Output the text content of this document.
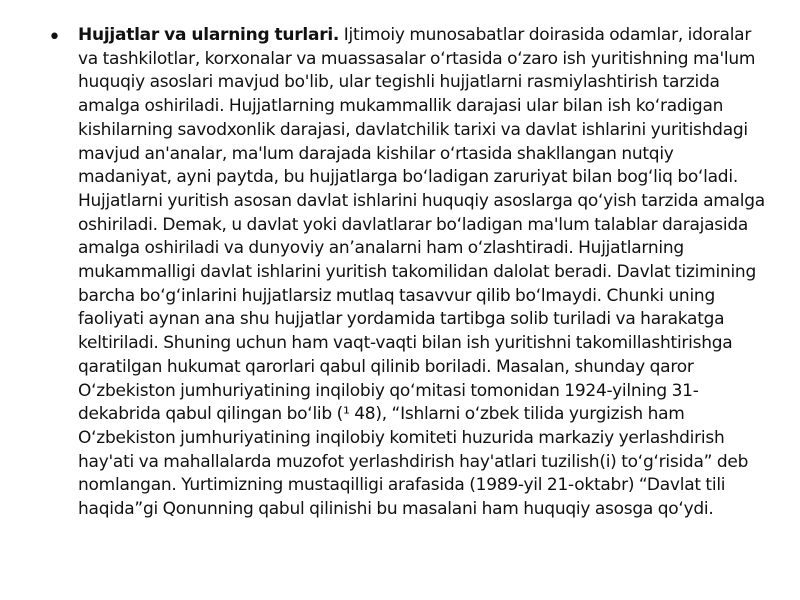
• Hujjatlar va ularning turlari. Ijtimoiy munosabatlar doirasida odamlar, idoralar va tashkilotlar, korxonalar va muassasalar o‘rtasida o‘zaro ish yuritishning ma'lum huquqiy asoslari mavjud bo'lib, ular tegishli hujjatlarni rasmiylashtirish tarzida amalga oshiriladi. Hujjatlarning mukammallik darajasi ular bilan ish ko‘radigan kishilarning savodxonlik darajasi, davlatchilik tarixi va davlat ishlarini yuritishdagi mavjud an'analar, ma'lum darajada kishilar o‘rtasida shakllangan nutqiy madaniyat, ayni paytda, bu hujjatlarga bo‘ladigan zaruriyat bilan bog‘liq bo‘ladi. Hujjatlarni yuritish asosan davlat ishlarini huquqiy asoslarga qo‘yish tarzida amalga oshiriladi. Demak, u davlat yoki davlatlarar bo‘ladigan ma'lum talablar darajasida amalga oshiriladi va dunyoviy an’analarni ham o‘zlashtiradi. Hujjatlarning mukammalligi davlat ishlarini yuritish takomilidan dalolat beradi. Davlat tizimining barcha bo‘g‘inlarini hujjatlarsiz mutlaq tasavvur qilib bo‘lmaydi. Chunki uning faoliyati aynan ana shu hujjatlar yordamida tartibga solib turiladi va harakatga keltiriladi. Shuning uchun ham vaqt-vaqti bilan ish yuritishni takomillashtirishga qaratilgan hukumat qarorlari qabul qilinib boriladi. Masalan, shunday qaror O‘zbekiston jumhuriyatining inqilobiy qo‘mitasi tomonidan 1924-yilning 31-dekabrida qabul qilingan bo‘lib (¹ 48), “Ishlarni o‘zbek tilida yurgizish ham O‘zbekiston jumhuriyatining inqilobiy komiteti huzurida markaziy yerlashdirish hay'ati va mahallalarda muzofot yerlashdirish hay'atlari tuzilish(i) to‘g‘risida” deb nomlangan. Yurtimizning mustaqilligi arafasida (1989-yil 21-oktabr) “Davlat tili haqida”gi Qonunning qabul qilinishi bu masalani ham huquqiy asosga qo‘ydi.
